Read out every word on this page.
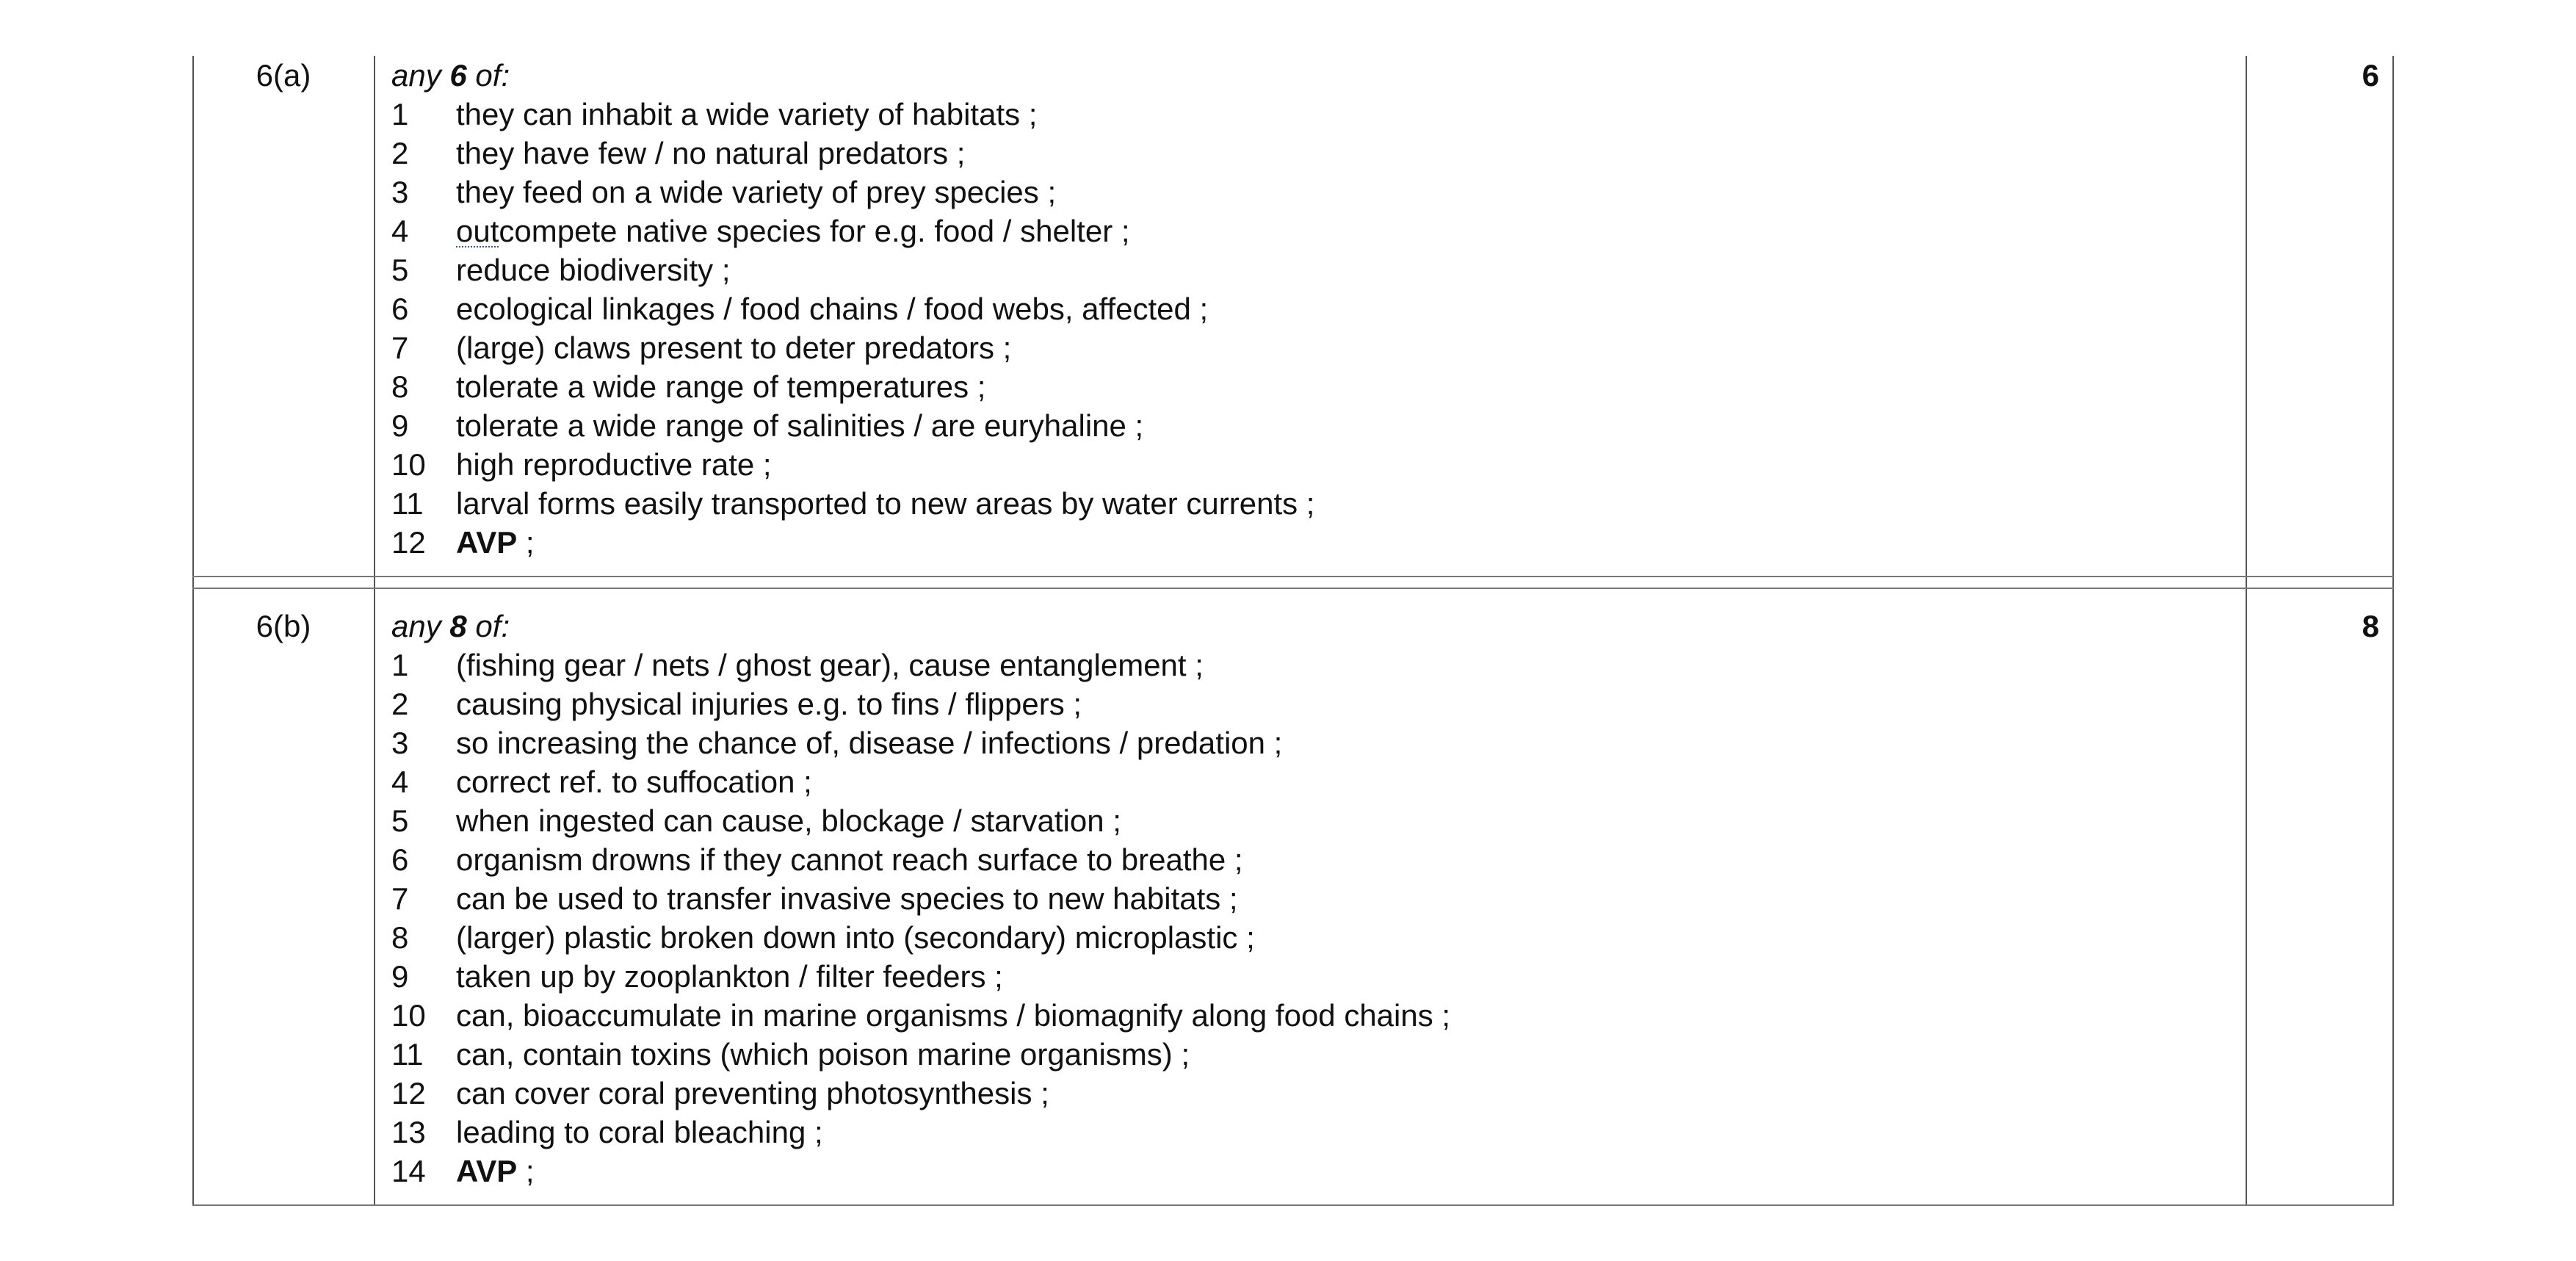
6(a)	any 6 of:
1 they can inhabit a wide variety of habitats ;
2 they have few / no natural predators ;
3 they feed on a wide variety of prey species ;
4 outcompete native species for e.g. food / shelter ;
5 reduce biodiversity ;
6 ecological linkages / food chains / food webs, affected ;
7 (large) claws present to deter predators ;
8 tolerate a wide range of temperatures ;
9 tolerate a wide range of salinities / are euryhaline ;
10 high reproductive rate ;
11 larval forms easily transported to new areas by water currents ;
12 AVP ;
6
6(b)	any 8 of:
1 (fishing gear / nets / ghost gear), cause entanglement ;
2 causing physical injuries e.g. to fins / flippers ;
3 so increasing the chance of, disease / infections / predation ;
4 correct ref. to suffocation ;
5 when ingested can cause, blockage / starvation ;
6 organism drowns if they cannot reach surface to breathe ;
7 can be used to transfer invasive species to new habitats ;
8 (larger) plastic broken down into (secondary) microplastic ;
9 taken up by zooplankton / filter feeders ;
10 can, bioaccumulate in marine organisms / biomagnify along food chains ;
11 can, contain toxins (which poison marine organisms) ;
12 can cover coral preventing photosynthesis ;
13 leading to coral bleaching ;
14 AVP ;
8
